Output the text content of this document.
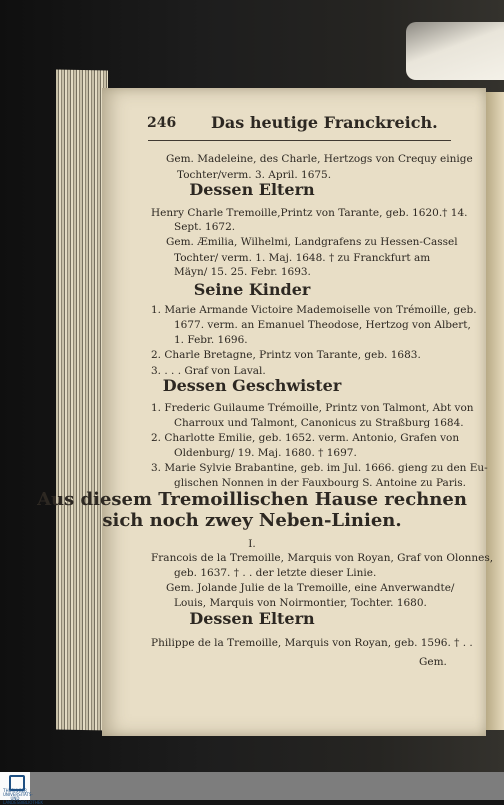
246 Das heutige Franckreich.
Gem. Madeleine, des Charle, Hertzogs von Crequy einige
Tochter/verm. 3. April. 1675.
Dessen Eltern
Henry Charle Tremoille,Printz von Tarante, geb. 1620.† 14.
Sept. 1672.
Gem. Æmilia, Wilhelmi, Landgrafens zu Hessen-Cassel
Tochter/ verm. 1. Maj. 1648. † zu Franckfurt am
Mäyn/ 15. 25. Febr. 1693.
Seine Kinder
1. Marie Armande Victoire Mademoiselle von Trémoille, geb.
1677. verm. an Emanuel Theodose, Hertzog von Albert,
1. Febr. 1696.
2. Charle Bretagne, Printz von Tarante, geb. 1683.
3. . . . Graf von Laval.
Dessen Geschwister
1. Frederic Guilaume Trémoille, Printz von Talmont, Abt von
Charroux und Talmont, Canonicus zu Straßburg 1684.
2. Charlotte Emilie, geb. 1652. verm. Antonio, Grafen von
Oldenburg/ 19. Maj. 1680. † 1697.
3. Marie Sylvie Brabantine, geb. im Jul. 1666. gieng zu den Eu-
glischen Nonnen in der Fauxbourg S. Antoine zu Paris.
Aus diesem Tremoillischen Hause rechnen
sich noch zwey Neben-Linien.
I.
Francois de la Tremoille, Marquis von Royan, Graf von Olonnes,
geb. 1637. † . . der letzte dieser Linie.
Gem. Jolande Julie de la Tremoille, eine Anverwandte/
Louis, Marquis von Noirmontier, Tochter. 1680.
Dessen Eltern
Philippe de la Tremoille, Marquis von Royan, geb. 1596. † . .
Gem.
THÜRINGER UNIVERSITÄTS- UND LANDESBIBLIOTHEK
